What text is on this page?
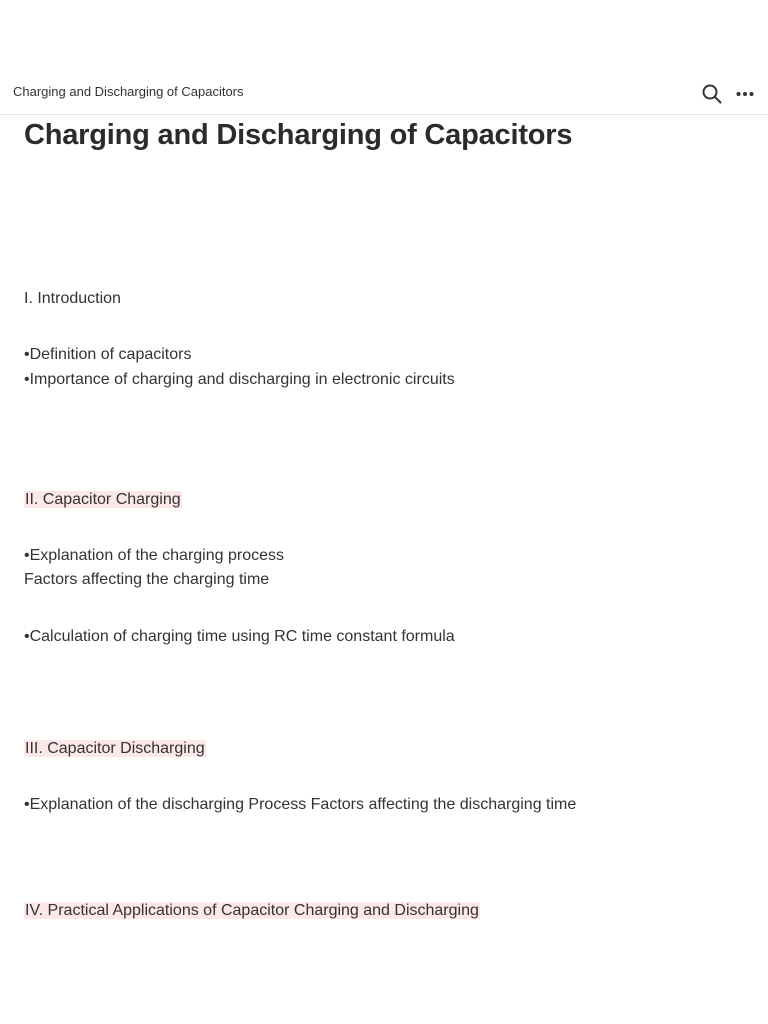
Charging and Discharging of Capacitors
Charging and Discharging of Capacitors
I. Introduction
•Definition of capacitors
•Importance of charging and discharging in electronic circuits
II. Capacitor Charging
•Explanation of the charging process
Factors affecting the charging time
•Calculation of charging time using RC time constant formula
III. Capacitor Discharging
•Explanation of the discharging Process Factors affecting the discharging time
IV. Practical Applications of Capacitor Charging and Discharging
